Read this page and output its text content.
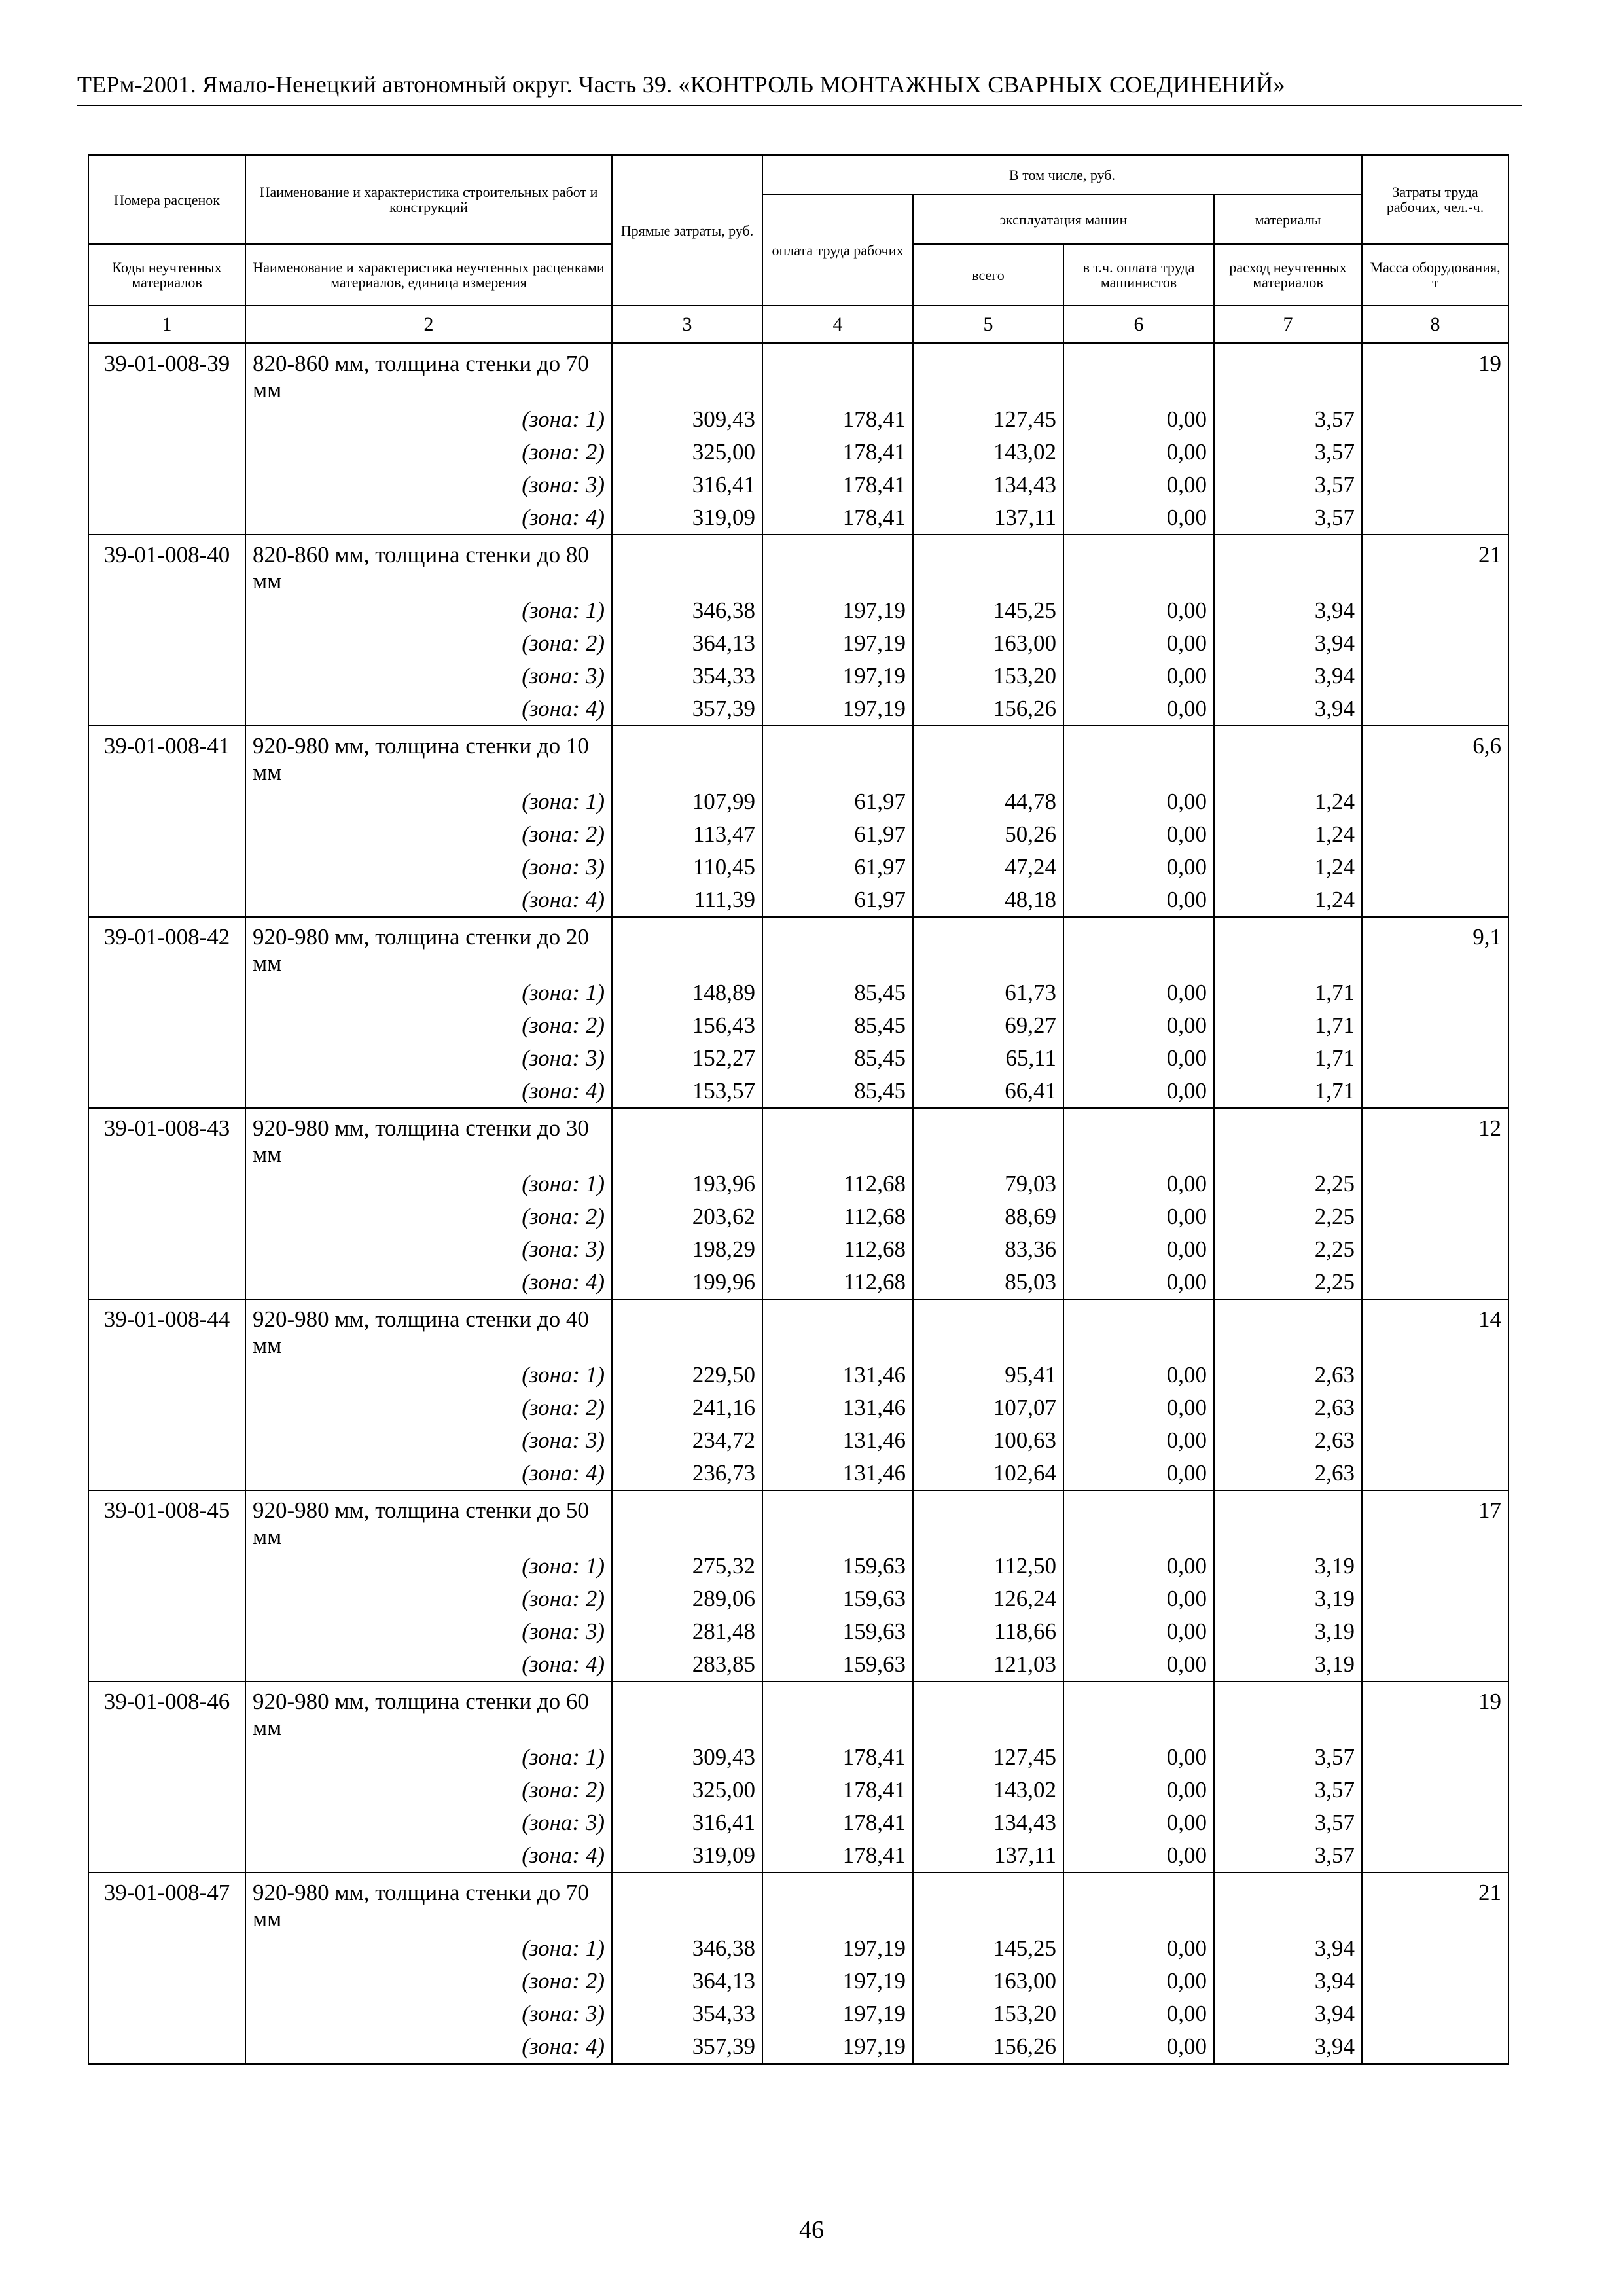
ТЕРм-2001. Ямало-Ненецкий автономный округ. Часть 39. «КОНТРОЛЬ МОНТАЖНЫХ СВАРНЫХ СОЕДИНЕНИЙ»
Номера расценок	Наименование и характеристика строительных работ и конструкций	Прямые затраты, руб.	В том числе, руб.				Затраты труда рабочих, чел.-ч.
			оплата труда рабочих	эксплуатация машин		материалы	
Коды неучтенных материалов	Наименование и характеристика неучтенных расценками материалов, единица измерения			всего	в т.ч. оплата труда машинистов	расход неучтенных материалов	Масса оборудования, т
1	2	3	4	5	6	7	8
39-01-008-39	820-860 мм, толщина стенки до 70 мм						19
	(зона: 1)	309,43	178,41	127,45	0,00	3,57	
	(зона: 2)	325,00	178,41	143,02	0,00	3,57	
	(зона: 3)	316,41	178,41	134,43	0,00	3,57	
	(зона: 4)	319,09	178,41	137,11	0,00	3,57	
39-01-008-40	820-860 мм, толщина стенки до 80 мм						21
	(зона: 1)	346,38	197,19	145,25	0,00	3,94	
	(зона: 2)	364,13	197,19	163,00	0,00	3,94	
	(зона: 3)	354,33	197,19	153,20	0,00	3,94	
	(зона: 4)	357,39	197,19	156,26	0,00	3,94	
39-01-008-41	920-980 мм, толщина стенки до 10 мм						6,6
	(зона: 1)	107,99	61,97	44,78	0,00	1,24	
	(зона: 2)	113,47	61,97	50,26	0,00	1,24	
	(зона: 3)	110,45	61,97	47,24	0,00	1,24	
	(зона: 4)	111,39	61,97	48,18	0,00	1,24	
39-01-008-42	920-980 мм, толщина стенки до 20 мм						9,1
	(зона: 1)	148,89	85,45	61,73	0,00	1,71	
	(зона: 2)	156,43	85,45	69,27	0,00	1,71	
	(зона: 3)	152,27	85,45	65,11	0,00	1,71	
	(зона: 4)	153,57	85,45	66,41	0,00	1,71	
39-01-008-43	920-980 мм, толщина стенки до 30 мм						12
	(зона: 1)	193,96	112,68	79,03	0,00	2,25	
	(зона: 2)	203,62	112,68	88,69	0,00	2,25	
	(зона: 3)	198,29	112,68	83,36	0,00	2,25	
	(зона: 4)	199,96	112,68	85,03	0,00	2,25	
39-01-008-44	920-980 мм, толщина стенки до 40 мм						14
	(зона: 1)	229,50	131,46	95,41	0,00	2,63	
	(зона: 2)	241,16	131,46	107,07	0,00	2,63	
	(зона: 3)	234,72	131,46	100,63	0,00	2,63	
	(зона: 4)	236,73	131,46	102,64	0,00	2,63	
39-01-008-45	920-980 мм, толщина стенки до 50 мм						17
	(зона: 1)	275,32	159,63	112,50	0,00	3,19	
	(зона: 2)	289,06	159,63	126,24	0,00	3,19	
	(зона: 3)	281,48	159,63	118,66	0,00	3,19	
	(зона: 4)	283,85	159,63	121,03	0,00	3,19	
39-01-008-46	920-980 мм, толщина стенки до 60 мм						19
	(зона: 1)	309,43	178,41	127,45	0,00	3,57	
	(зона: 2)	325,00	178,41	143,02	0,00	3,57	
	(зона: 3)	316,41	178,41	134,43	0,00	3,57	
	(зона: 4)	319,09	178,41	137,11	0,00	3,57	
39-01-008-47	920-980 мм, толщина стенки до 70 мм						21
	(зона: 1)	346,38	197,19	145,25	0,00	3,94	
	(зона: 2)	364,13	197,19	163,00	0,00	3,94	
	(зона: 3)	354,33	197,19	153,20	0,00	3,94	
	(зона: 4)	357,39	197,19	156,26	0,00	3,94	
46
